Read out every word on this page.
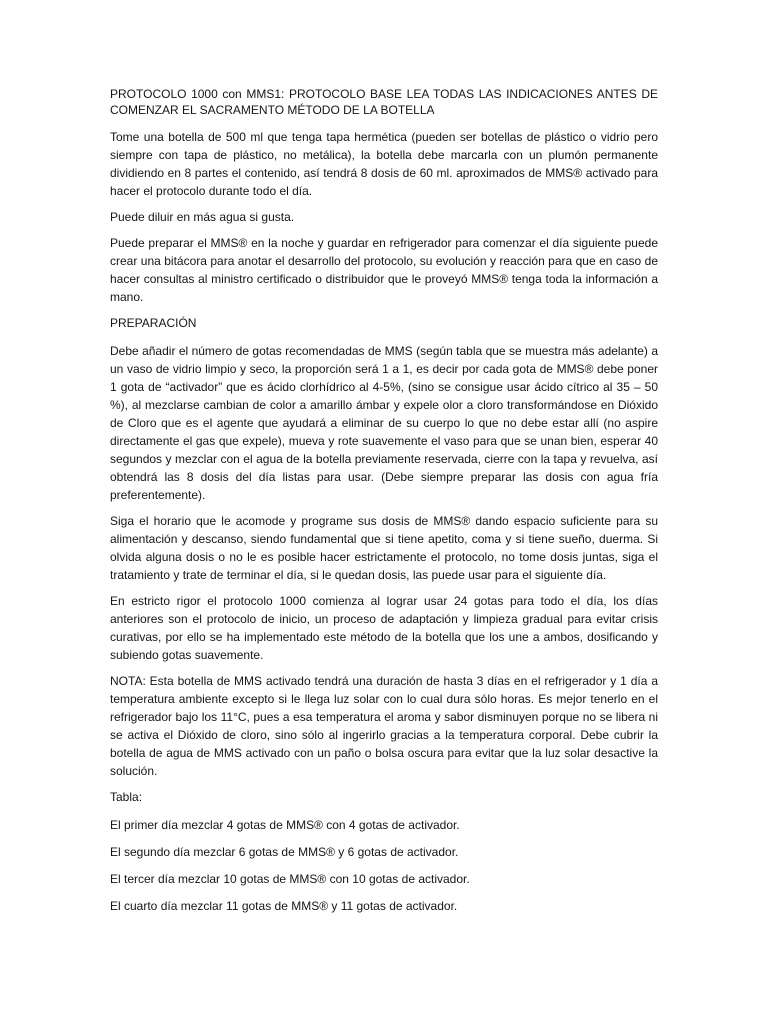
PROTOCOLO 1000 con MMS1: PROTOCOLO BASE LEA TODAS LAS INDICACIONES ANTES DE COMENZAR EL SACRAMENTO MÉTODO DE LA BOTELLA

Tome una botella de 500 ml que tenga tapa hermética (pueden ser botellas de plástico o vidrio pero siempre con tapa de plástico, no metálica), la botella debe marcarla con un plumón permanente dividiendo en 8 partes el contenido, así tendrá 8 dosis de 60 ml. aproximados de MMS® activado para hacer el protocolo durante todo el día.

Puede diluir en más agua si gusta.

Puede preparar el MMS® en la noche y guardar en refrigerador para comenzar el día siguiente puede crear una bitácora para anotar el desarrollo del protocolo, su evolución y reacción para que en caso de hacer consultas al ministro certificado o distribuidor que le proveyó MMS® tenga toda la información a mano.

PREPARACIÓN

Debe añadir el número de gotas recomendadas de MMS (según tabla que se muestra más adelante) a un vaso de vidrio limpio y seco, la proporción será 1 a 1, es decir por cada gota de MMS® debe poner 1 gota de “activador” que es ácido clorhídrico al 4-5%, (sino se consigue usar ácido cítrico al 35 – 50 %), al mezclarse cambian de color a amarillo ámbar y expele olor a cloro transformándose en Dióxido de Cloro que es el agente que ayudará a eliminar de su cuerpo lo que no debe estar allí (no aspire directamente el gas que expele), mueva y rote suavemente el vaso para que se unan bien, esperar 40 segundos y mezclar con el agua de la botella previamente reservada, cierre con la tapa y revuelva, así obtendrá las 8 dosis del día listas para usar. (Debe siempre preparar las dosis con agua fría preferentemente).

Siga el horario que le acomode y programe sus dosis de MMS® dando espacio suficiente para su alimentación y descanso, siendo fundamental que si tiene apetito, coma y si tiene sueño, duerma. Si olvida alguna dosis o no le es posible hacer estrictamente el protocolo, no tome dosis juntas, siga el tratamiento y trate de terminar el día, si le quedan dosis, las puede usar para el siguiente día.

En estricto rigor el protocolo 1000 comienza al lograr usar 24 gotas para todo el día, los días anteriores son el protocolo de inicio, un proceso de adaptación y limpieza gradual para evitar crisis curativas, por ello se ha implementado este método de la botella que los une a ambos, dosificando y subiendo gotas suavemente.

NOTA: Esta botella de MMS activado tendrá una duración de hasta 3 días en el refrigerador y 1 día a temperatura ambiente excepto si le llega luz solar con lo cual dura sólo horas. Es mejor tenerlo en el refrigerador bajo los 11°C, pues a esa temperatura el aroma y sabor disminuyen porque no se libera ni se activa el Dióxido de cloro, sino sólo al ingerirlo gracias a la temperatura corporal. Debe cubrir la botella de agua de MMS activado con un paño o bolsa oscura para evitar que la luz solar desactive la solución.

Tabla:

El primer día mezclar 4 gotas de MMS® con 4 gotas de activador.

El segundo día mezclar 6 gotas de MMS® y 6 gotas de activador.

El tercer día mezclar 10 gotas de MMS® con 10 gotas de activador.

El cuarto día mezclar 11 gotas de MMS® y 11 gotas de activador.
